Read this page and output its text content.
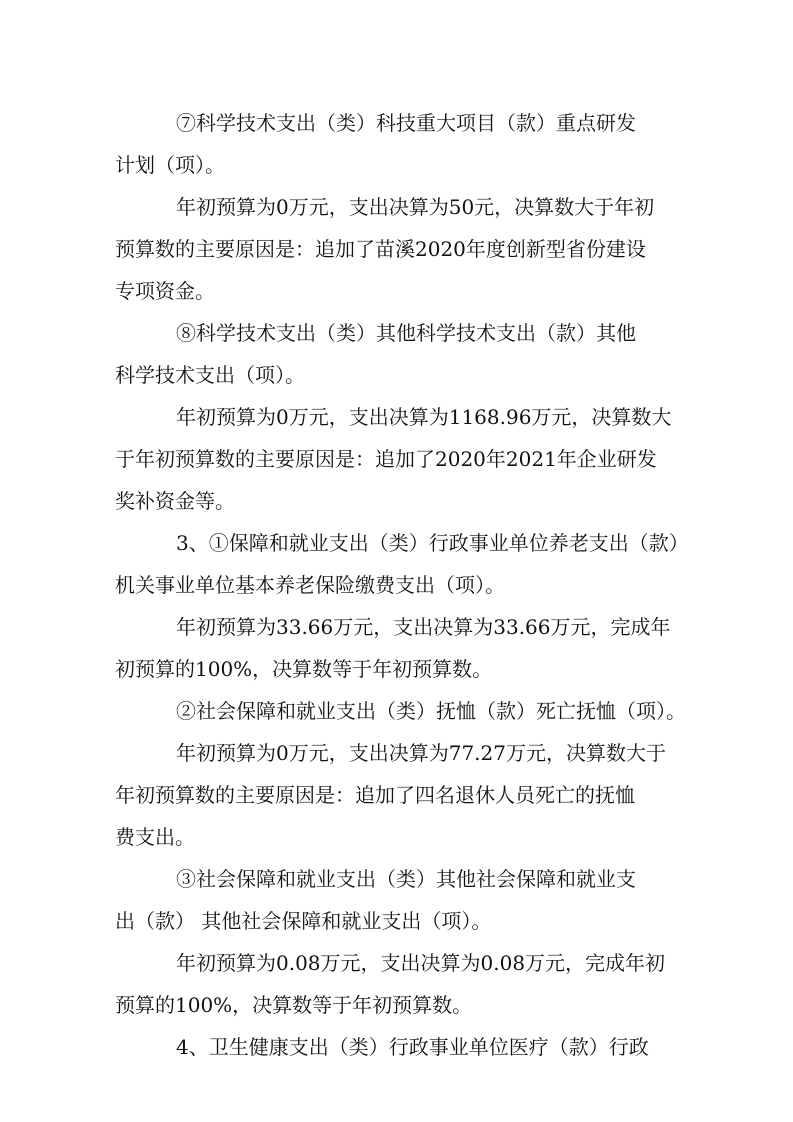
⑦科学技术支出（类）科技重大项目（款）重点研发
计划（项）。
年初预算为0万元，支出决算为50元，决算数大于年初
预算数的主要原因是：追加了苗溪2020年度创新型省份建设
专项资金。
⑧科学技术支出（类）其他科学技术支出（款）其他
科学技术支出（项）。
年初预算为0万元，支出决算为1168.96万元，决算数大
于年初预算数的主要原因是：追加了2020年2021年企业研发
奖补资金等。
3、①保障和就业支出（类）行政事业单位养老支出（款）
机关事业单位基本养老保险缴费支出（项）。
年初预算为33.66万元，支出决算为33.66万元，完成年
初预算的100%，决算数等于年初预算数。
②社会保障和就业支出（类）抚恤（款）死亡抚恤（项）。
年初预算为0万元，支出决算为77.27万元，决算数大于
年初预算数的主要原因是：追加了四名退休人员死亡的抚恤
费支出。
③社会保障和就业支出（类）其他社会保障和就业支
出（款） 其他社会保障和就业支出（项）。
年初预算为0.08万元，支出决算为0.08万元，完成年初
预算的100%，决算数等于年初预算数。
4、卫生健康支出（类）行政事业单位医疗（款）行政
